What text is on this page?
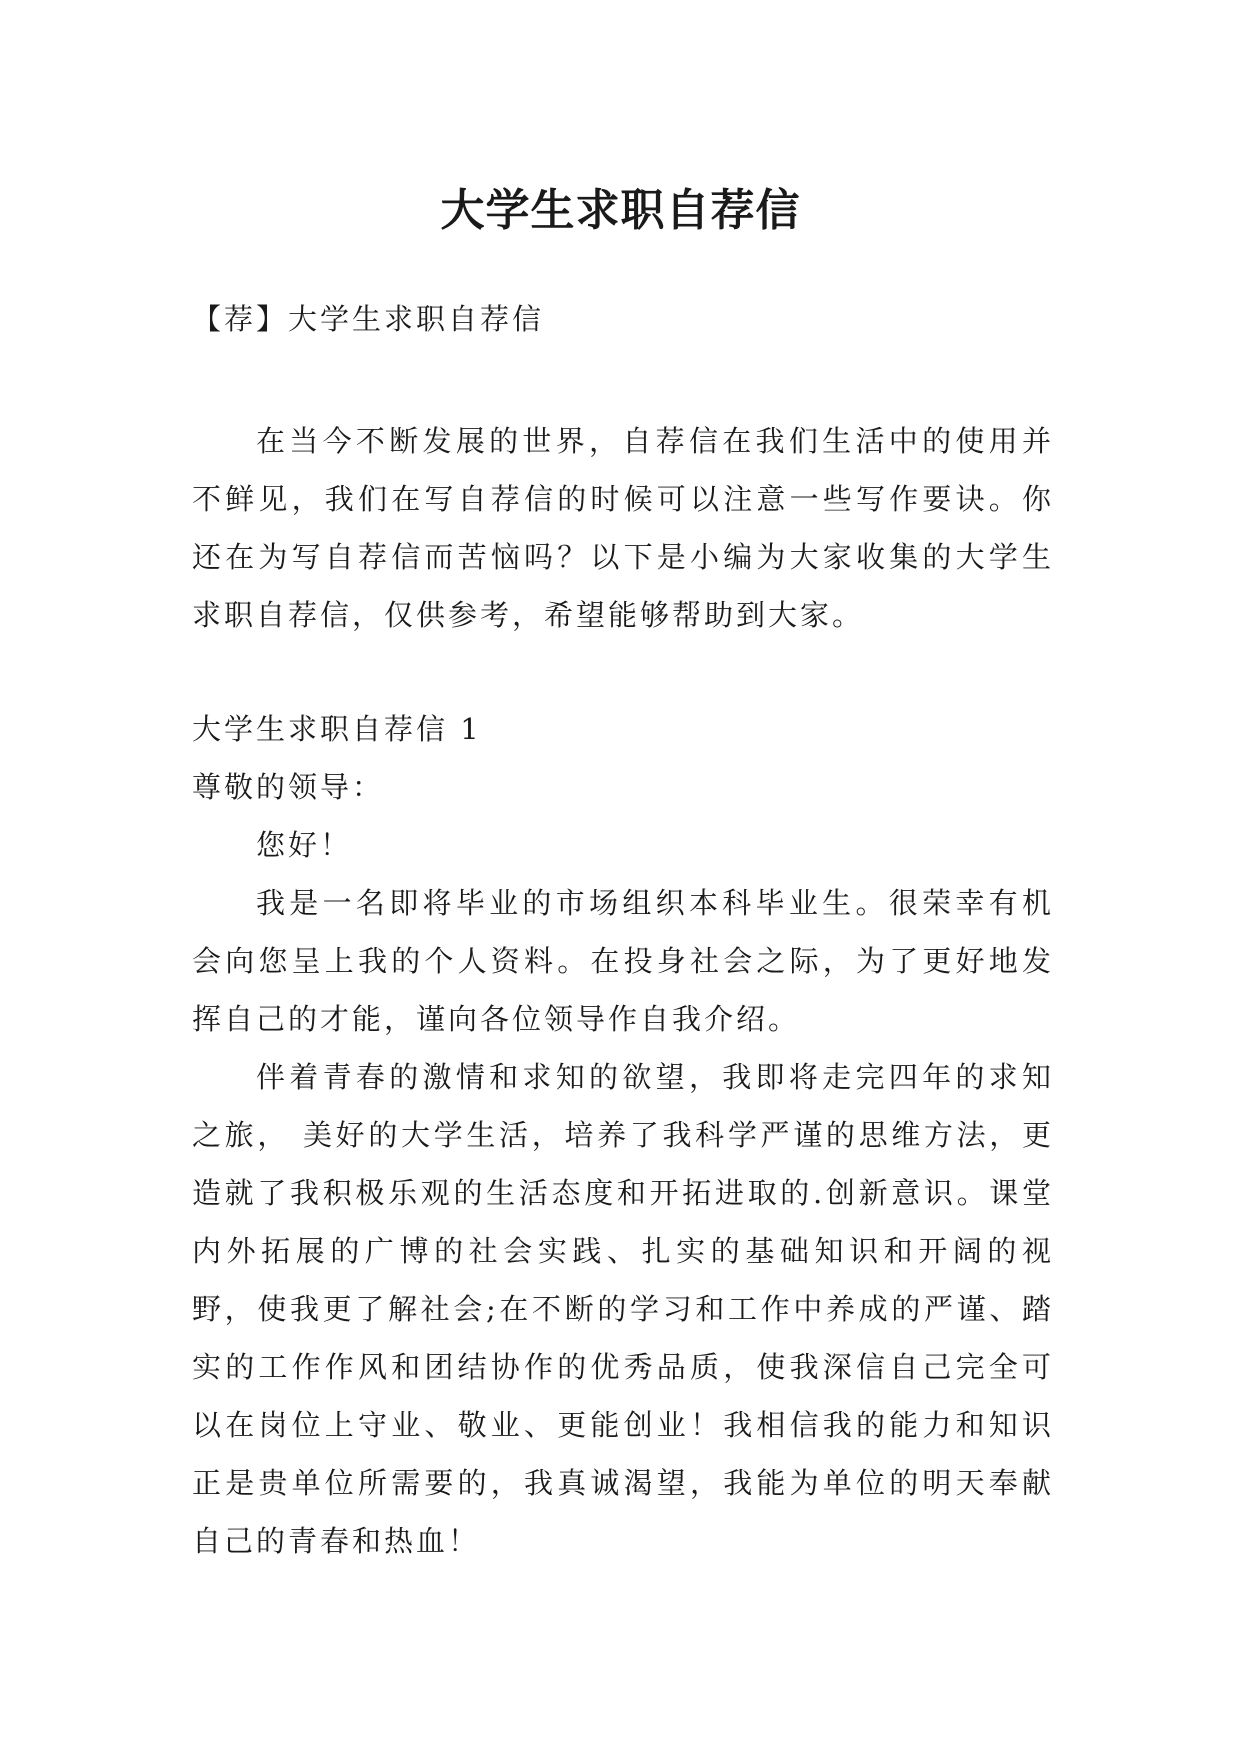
大学生求职自荐信

【荐】大学生求职自荐信

在当今不断发展的世界，自荐信在我们生活中的使用并不鲜见，我们在写自荐信的时候可以注意一些写作要诀。你还在为写自荐信而苦恼吗？以下是小编为大家收集的大学生求职自荐信，仅供参考，希望能够帮助到大家。

大学生求职自荐信 1

尊敬的领导：

您好！

我是一名即将毕业的市场组织本科毕业生。很荣幸有机会向您呈上我的个人资料。在投身社会之际，为了更好地发挥自己的才能，谨向各位领导作自我介绍。

伴着青春的激情和求知的欲望，我即将走完四年的求知之旅， 美好的大学生活，培养了我科学严谨的思维方法，更造就了我积极乐观的生活态度和开拓进取的.创新意识。课堂内外拓展的广博的社会实践、扎实的基础知识和开阔的视野，使我更了解社会;在不断的学习和工作中养成的严谨、踏实的工作作风和团结协作的优秀品质，使我深信自己完全可以在岗位上守业、敬业、更能创业！我相信我的能力和知识正是贵单位所需要的，我真诚渴望，我能为单位的明天奉献自己的青春和热血！
